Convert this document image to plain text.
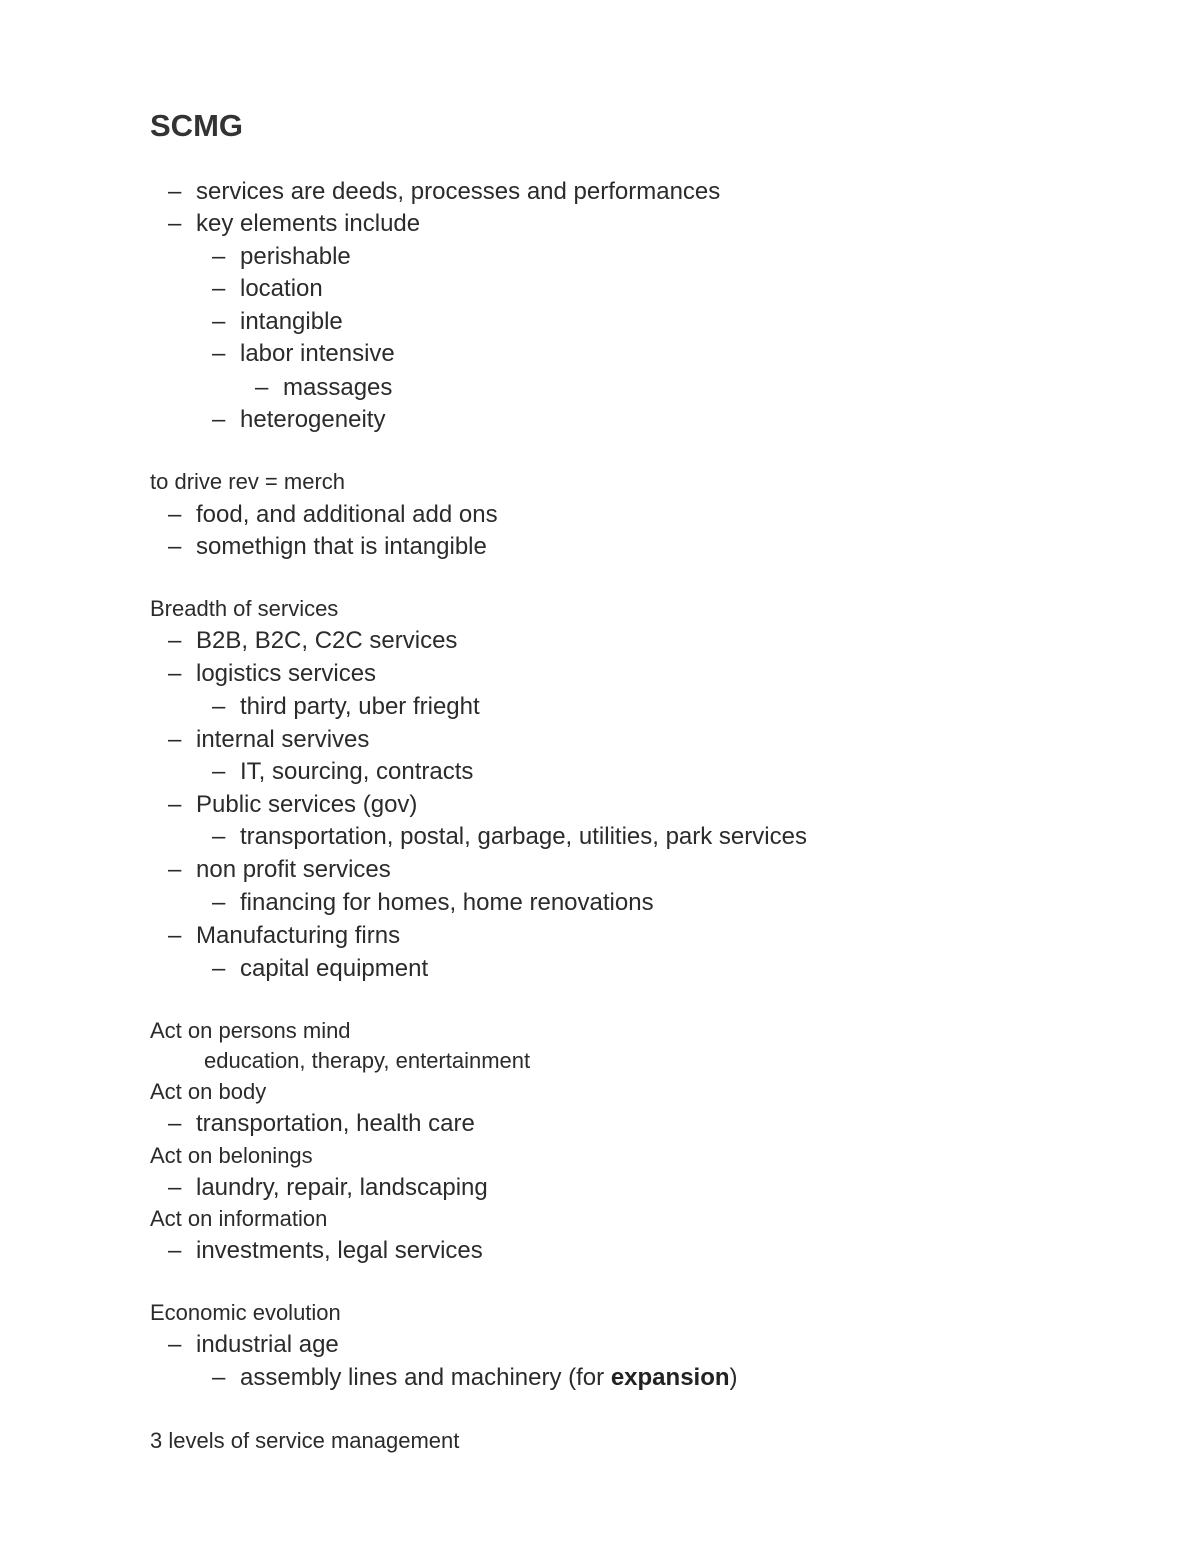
SCMG
– services are deeds, processes and performances
– key elements include
– perishable
– location
– intangible
– labor intensive
– massages
– heterogeneity
to drive rev = merch
– food, and additional add ons
– somethign that is intangible
Breadth of services
– B2B, B2C, C2C services
– logistics services
– third party, uber frieght
– internal servives
– IT, sourcing, contracts
– Public services (gov)
– transportation, postal, garbage, utilities, park services
– non profit services
– financing for homes, home renovations
– Manufacturing firns
– capital equipment
Act on persons mind
education, therapy, entertainment
Act on body
– transportation, health care
Act on belonings
– laundry, repair, landscaping
Act on information
– investments, legal services
Economic evolution
– industrial age
– assembly lines and machinery (for expansion)
3 levels of service management
